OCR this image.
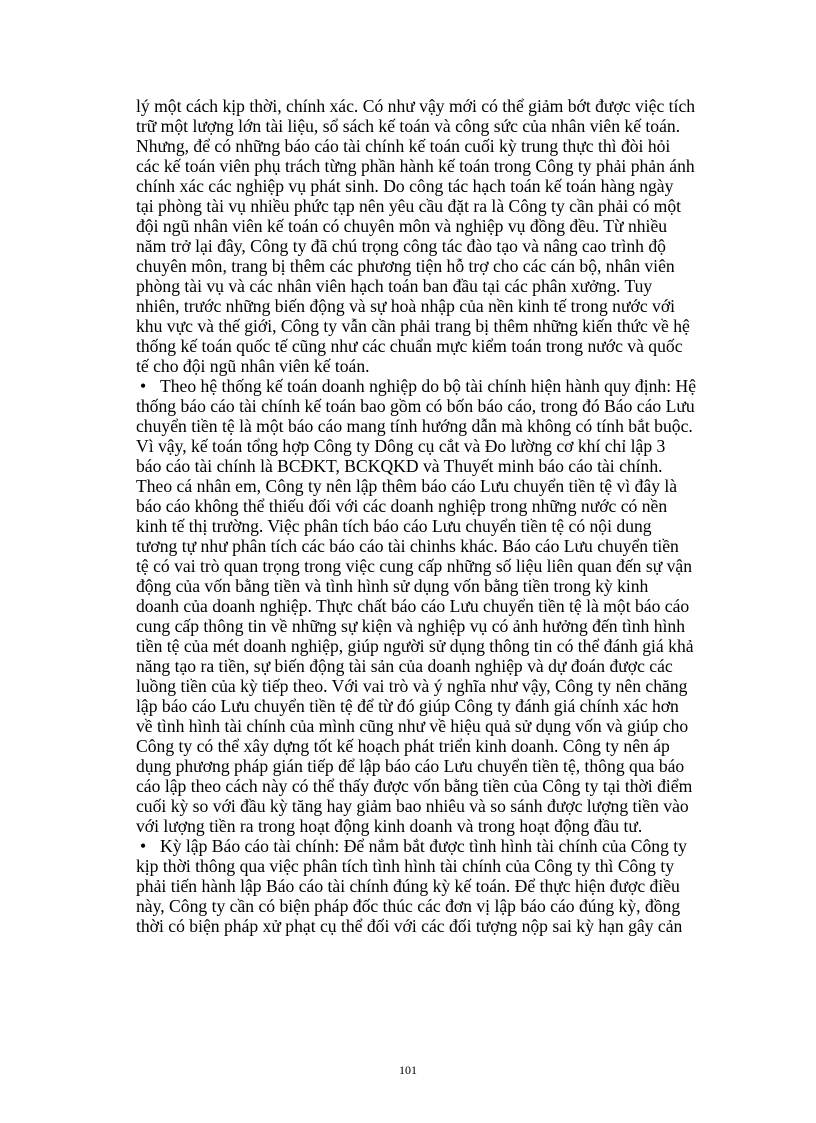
lý một cách kịp thời, chính xác. Có như vậy mới có thể giảm bớt được việc tích
trữ một lượng lớn tài liệu, sổ sách kế toán và công sức của nhân viên kế toán.
Nhưng, để có những báo cáo tài chính kế toán cuối kỳ trung thực thì đòi hỏi
các kế toán viên phụ trách từng phần hành kế toán trong Công ty phải phản ánh
chính xác các nghiệp vụ phát sinh. Do công tác hạch toán kế toán hàng ngày
tại phòng tài vụ nhiều phức tạp nên yêu cầu đặt ra là Công ty cần phải có một
đội ngũ nhân viên kế toán có chuyên môn và nghiệp vụ đồng đều. Từ nhiều
năm trở lại đây, Công ty đã chú trọng công tác đào tạo và nâng cao trình độ
chuyên môn, trang bị thêm các phương tiện hỗ trợ cho các cán bộ, nhân viên
phòng tài vụ và các nhân viên hạch toán ban đầu tại các phân xưởng. Tuy
nhiên, trước những biến động và sự hoà nhập của nền kinh tế trong nước với
khu vực và thế giới, Công ty vẫn cần phải trang bị thêm những kiến thức về hệ
thống kế toán quốc tế cũng như các chuẩn mực kiểm toán trong nước và quốc
tế cho đội ngũ nhân viên kế toán.
• Theo hệ thống kế toán doanh nghiệp do bộ tài chính hiện hành quy định: Hệ
thống báo cáo tài chính kế toán bao gồm có bốn báo cáo, trong đó Báo cáo Lưu
chuyển tiền tệ là một báo cáo mang tính hướng dẫn mà không có tính bắt buộc.
Vì vậy, kế toán tổng hợp Công ty Dông cụ cắt và Đo lường cơ khí chỉ lập 3
báo cáo tài chính là BCĐKT, BCKQKD và Thuyết minh báo cáo tài chính.
Theo cá nhân em, Công ty nên lập thêm báo cáo Lưu chuyển tiền tệ vì đây là
báo cáo không thể thiếu đối với các doanh nghiệp trong những nước có nền
kinh tế thị trường. Việc phân tích báo cáo Lưu chuyển tiền tệ có nội dung
tương tự như phân tích các báo cáo tài chinhs khác. Báo cáo Lưu chuyển tiền
tệ có vai trò quan trọng trong việc cung cấp những số liệu liên quan đến sự vận
động của vốn bằng tiền và tình hình sử dụng vốn bằng tiền trong kỳ kinh
doanh của doanh nghiệp. Thực chất báo cáo Lưu chuyển tiền tệ là một báo cáo
cung cấp thông tin về những sự kiện và nghiệp vụ có ảnh hưởng đến tình hình
tiền tệ của mét doanh nghiệp, giúp người sử dụng thông tin có thể đánh giá khả
năng tạo ra tiền, sự biến động tài sản của doanh nghiệp và dự đoán được các
luồng tiền của kỳ tiếp theo. Với vai trò và ý nghĩa như vậy, Công ty nên chăng
lập báo cáo Lưu chuyển tiền tệ để từ đó giúp Công ty đánh giá chính xác hơn
về tình hình tài chính của mình cũng như về hiệu quả sử dụng vốn và giúp cho
Công ty có thể xây dựng tốt kế hoạch phát triển kinh doanh. Công ty nên áp
dụng phương pháp gián tiếp để lập báo cáo Lưu chuyển tiền tệ, thông qua báo
cáo lập theo cách này có thể thấy được vốn bằng tiền của Công ty tại thời điểm
cuối kỳ so với đầu kỳ tăng hay giảm bao nhiêu và so sánh được lượng tiền vào
với lượng tiền ra trong hoạt động kinh doanh và trong hoạt động đầu tư.
• Kỳ lập Báo cáo tài chính: Để nắm bắt được tình hình tài chính của Công ty
kịp thời thông qua việc phân tích tình hình tài chính của Công ty thì Công ty
phải tiến hành lập Báo cáo tài chính đúng kỳ kế toán. Để thực hiện được điều
này, Công ty cần có biện pháp đốc thúc các đơn vị lập báo cáo đúng kỳ, đồng
thời có biện pháp xử phạt cụ thể đối với các đối tượng nộp sai kỳ hạn gây cản
101
